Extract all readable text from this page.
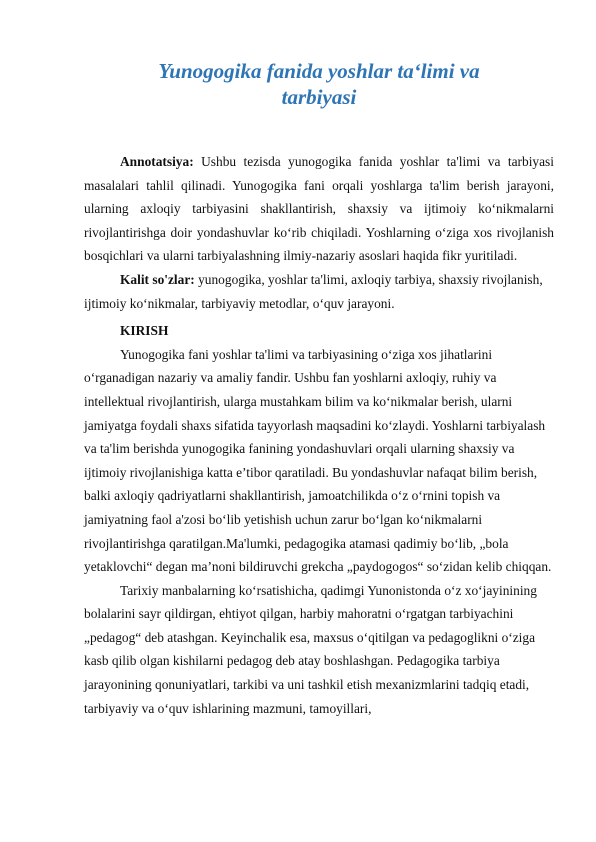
Yunogogika fanida yoshlar ta‘limi va
tarbiyasi

Annotatsiya: Ushbu tezisda yunogogika fanida yoshlar ta'limi va tarbiyasi masalalari tahlil qilinadi. Yunogogika fani orqali yoshlarga ta'lim berish jarayoni, ularning axloqiy tarbiyasini shakllantirish, shaxsiy va ijtimoiy ko‘nikmalarni rivojlantirishga doir yondashuvlar ko‘rib chiqiladi. Yoshlarning o‘ziga xos rivojlanish bosqichlari va ularni tarbiyalashning ilmiy-nazariy asoslari haqida fikr yuritiladi.

Kalit so'zlar: yunogogika, yoshlar ta'limi, axloqiy tarbiya, shaxsiy rivojlanish, ijtimoiy ko‘nikmalar, tarbiyaviy metodlar, o‘quv jarayoni.

KIRISH

Yunogogika fani yoshlar ta'limi va tarbiyasining o‘ziga xos jihatlarini o‘rganadigan nazariy va amaliy fandir. Ushbu fan yoshlarni axloqiy, ruhiy va intellektual rivojlantirish, ularga mustahkam bilim va ko‘nikmalar berish, ularni jamiyatga foydali shaxs sifatida tayyorlash maqsadini ko‘zlaydi. Yoshlarni tarbiyalash va ta'lim berishda yunogogika fanining yondashuvlari orqali ularning shaxsiy va ijtimoiy rivojlanishiga katta e’tibor qaratiladi. Bu yondashuvlar nafaqat bilim berish, balki axloqiy qadriyatlarni shakllantirish, jamoatchilikda o‘z o‘rnini topish va jamiyatning faol a'zosi bo‘lib yetishish uchun zarur bo‘lgan ko‘nikmalarni rivojlantirishga qaratilgan.Ma'lumki, pedagogika atamasi qadimiy bo‘lib, „bola yetaklovchi“ degan ma’noni bildiruvchi grekcha „paydogogos“ so‘zidan kelib chiqqan.

Tarixiy manbalarning ko‘rsatishicha, qadimgi Yunonistonda o‘z xo‘jayinining bolalarini sayr qildirgan, ehtiyot qilgan, harbiy mahoratni o‘rgatgan tarbiyachini „pedagog“ deb atashgan. Keyinchalik esa, maxsus o‘qitilgan va pedagoglikni o‘ziga kasb qilib olgan kishilarni pedagog deb atay boshlashgan. Pedagogika tarbiya jarayonining qonuniyatlari, tarkibi va uni tashkil etish mexanizmlarini tadqiq etadi, tarbiyaviy va o‘quv ishlarining mazmuni, tamoyillari,
